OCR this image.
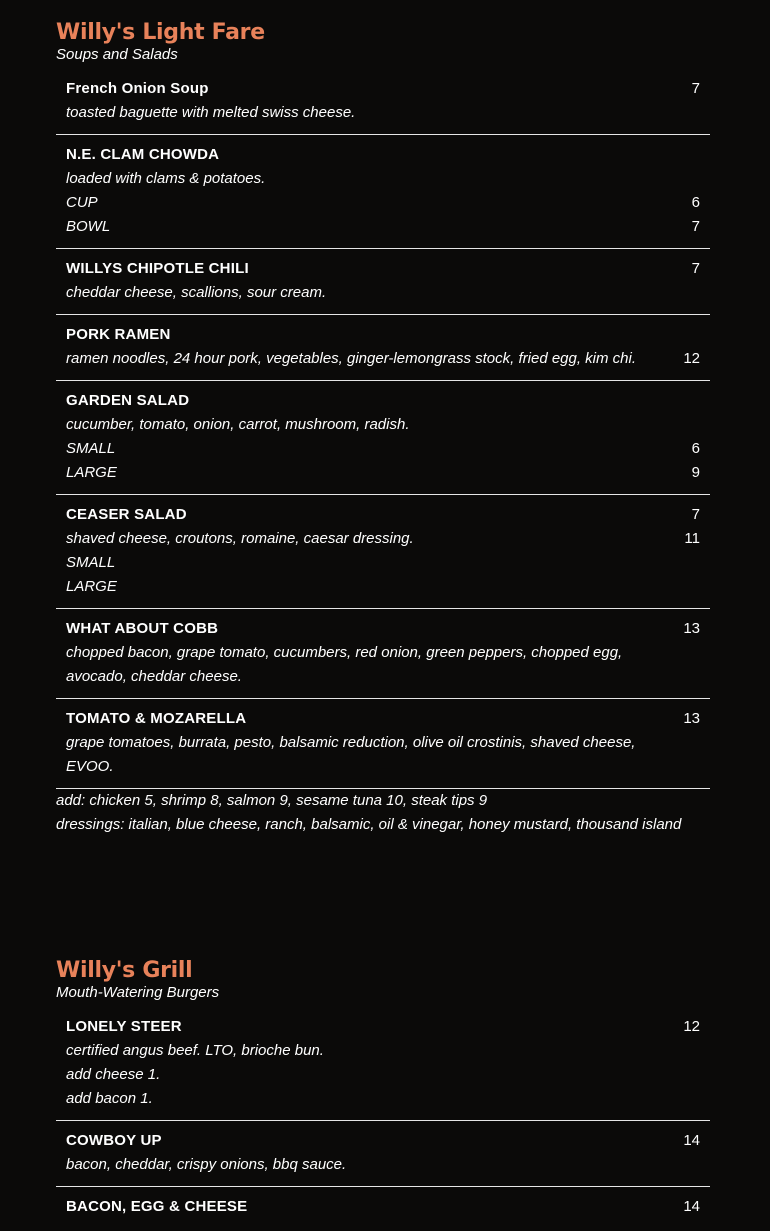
Willy's Light Fare
Soups and Salads
French Onion Soup
toasted baguette with melted swiss cheese.
7
N.E. CLAM CHOWDA
loaded with clams & potatoes.
CUP
BOWL

6
7
WILLYS CHIPOTLE CHILI
cheddar cheese, scallions, sour cream.
7
PORK RAMEN
ramen noodles, 24 hour pork, vegetables, ginger-lemongrass stock, fried egg, kim chi.
	12
GARDEN SALAD
cucumber, tomato, onion, carrot, mushroom, radish.
SMALL
LARGE

6
9
CEASER SALAD
shaved cheese, croutons, romaine, caesar dressing.
SMALL
LARGE
7
11
WHAT ABOUT COBB
chopped bacon, grape tomato, cucumbers, red onion, green peppers, chopped egg, avocado, cheddar cheese.
13
TOMATO & MOZARELLA
grape tomatoes, burrata, pesto, balsamic reduction, olive oil crostinis, shaved cheese, EVOO.
13
add: chicken 5, shrimp 8, salmon 9, sesame tuna 10, steak tips 9
dressings: italian, blue cheese, ranch, balsamic, oil & vinegar, honey mustard, thousand island
Willy's Grill
Mouth-Watering Burgers
LONELY STEER
certified angus beef. LTO, brioche bun.
add cheese 1.
add bacon 1.
12
COWBOY UP
bacon, cheddar, crispy onions, bbq sauce.
14
BACON, EGG & CHEESE	14
